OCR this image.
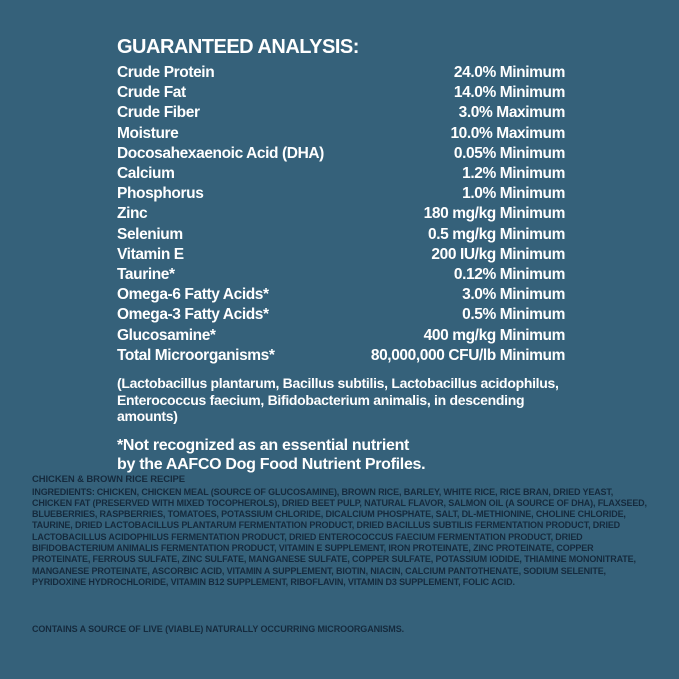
GUARANTEED ANALYSIS:
Crude Protein	24.0% Minimum
Crude Fat	14.0% Minimum
Crude Fiber	3.0% Maximum
Moisture	10.0% Maximum
Docosahexaenoic Acid (DHA)	0.05% Minimum
Calcium	1.2% Minimum
Phosphorus	1.0% Minimum
Zinc	180 mg/kg Minimum
Selenium	0.5 mg/kg Minimum
Vitamin E	200 IU/kg Minimum
Taurine*	0.12% Minimum
Omega-6 Fatty Acids*	3.0% Minimum
Omega-3 Fatty Acids*	0.5% Minimum
Glucosamine*	400 mg/kg Minimum
Total Microorganisms*	80,000,000 CFU/lb Minimum
(Lactobacillus plantarum, Bacillus subtilis, Lactobacillus acidophilus,
Enterococcus faecium, Bifidobacterium animalis, in descending amounts)
*Not recognized as an essential nutrient
by the AAFCO Dog Food Nutrient Profiles.

CHICKEN & BROWN RICE RECIPE

INGREDIENTS: CHICKEN, CHICKEN MEAL (SOURCE OF GLUCOSAMINE), BROWN RICE, BARLEY, WHITE RICE, RICE BRAN, DRIED YEAST, CHICKEN FAT (PRESERVED WITH MIXED TOCOPHEROLS), DRIED BEET PULP, NATURAL FLAVOR, SALMON OIL (A SOURCE OF DHA), FLAXSEED, BLUEBERRIES, RASPBERRIES, TOMATOES, POTASSIUM CHLORIDE, DICALCIUM PHOSPHATE, SALT, DL-METHIONINE, CHOLINE CHLORIDE, TAURINE, DRIED LACTOBACILLUS PLANTARUM FERMENTATION PRODUCT, DRIED BACILLUS SUBTILIS FERMENTATION PRODUCT, DRIED LACTOBACILLUS ACIDOPHILUS FERMENTATION PRODUCT, DRIED ENTEROCOCCUS FAECIUM FERMENTATION PRODUCT, DRIED BIFIDOBACTERIUM ANIMALIS FERMENTATION PRODUCT, VITAMIN E SUPPLEMENT, IRON PROTEINATE, ZINC PROTEINATE, COPPER PROTEINATE, FERROUS SULFATE, ZINC SULFATE, MANGANESE SULFATE, COPPER SULFATE, POTASSIUM IODIDE, THIAMINE MONONITRATE, MANGANESE PROTEINATE, ASCORBIC ACID, VITAMIN A SUPPLEMENT, BIOTIN, NIACIN, CALCIUM PANTOTHENATE, SODIUM SELENITE, PYRIDOXINE HYDROCHLORIDE, VITAMIN B12 SUPPLEMENT, RIBOFLAVIN, VITAMIN D3 SUPPLEMENT, FOLIC ACID.

CONTAINS A SOURCE OF LIVE (VIABLE) NATURALLY OCCURRING MICROORGANISMS.
